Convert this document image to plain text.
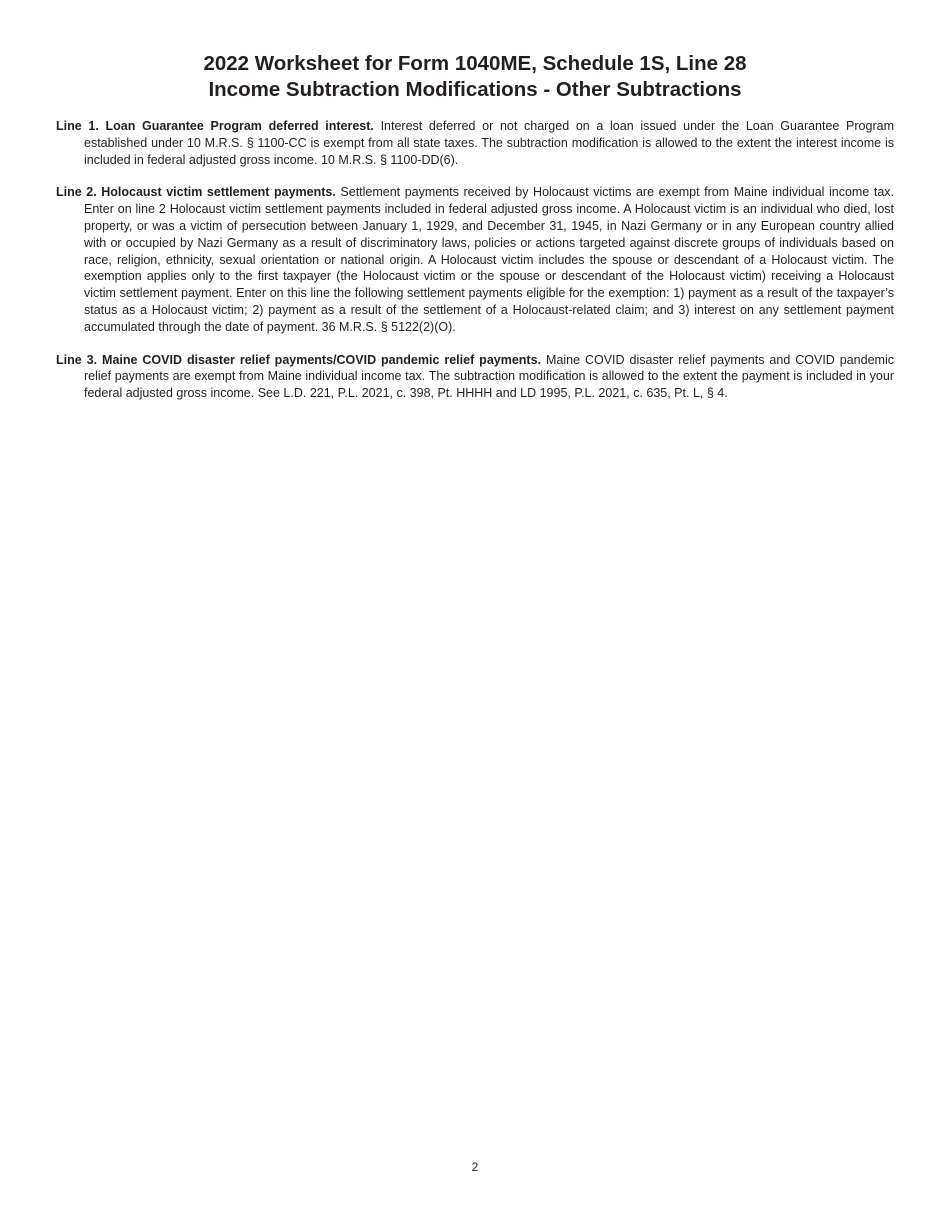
2022 Worksheet for Form 1040ME, Schedule 1S, Line 28

Income Subtraction Modifications - Other Subtractions

Line 1. Loan Guarantee Program deferred interest. Interest deferred or not charged on a loan issued under the Loan Guarantee Program established under 10 M.R.S. § 1100-CC is exempt from all state taxes. The subtraction modification is allowed to the extent the interest income is included in federal adjusted gross income. 10 M.R.S. § 1100-DD(6).

Line 2. Holocaust victim settlement payments. Settlement payments received by Holocaust victims are exempt from Maine individual income tax. Enter on line 2 Holocaust victim settlement payments included in federal adjusted gross income. A Holocaust victim is an individual who died, lost property, or was a victim of persecution between January 1, 1929, and December 31, 1945, in Nazi Germany or in any European country allied with or occupied by Nazi Germany as a result of discriminatory laws, policies or actions targeted against discrete groups of individuals based on race, religion, ethnicity, sexual orientation or national origin. A Holocaust victim includes the spouse or descendant of a Holocaust victim. The exemption applies only to the first taxpayer (the Holocaust victim or the spouse or descendant of the Holocaust victim) receiving a Holocaust victim settlement payment. Enter on this line the following settlement payments eligible for the exemption: 1) payment as a result of the taxpayer’s status as a Holocaust victim; 2) payment as a result of the settlement of a Holocaust-related claim; and 3) interest on any settlement payment accumulated through the date of payment. 36 M.R.S. § 5122(2)(O).

Line 3. Maine COVID disaster relief payments/COVID pandemic relief payments. Maine COVID disaster relief payments and COVID pandemic relief payments are exempt from Maine individual income tax. The subtraction modification is allowed to the extent the payment is included in your federal adjusted gross income. See L.D. 221, P.L. 2021, c. 398, Pt. HHHH and LD 1995, P.L. 2021, c. 635, Pt. L, § 4.

2
